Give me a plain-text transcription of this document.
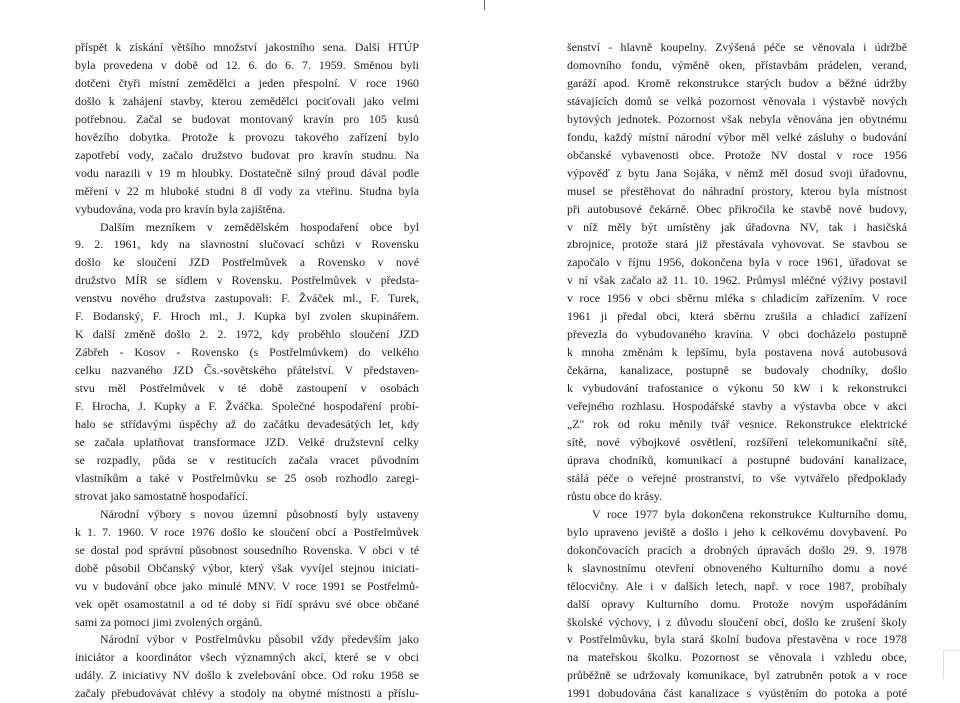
příspět k získání většího množství jakostního sena. Další HTÚP
byla provedena v době od 12. 6. do 6. 7. 1959. Směnou byli
dotčeni čtyři místní zemědělci a jeden přespolní. V roce 1960
došlo k zahájení stavby, kterou zemědělci pociťovali jako velmi
potřebnou. Začal se budovat montovaný kravín pro 105 kusů
hovězího dobytka. Protože k provozu takového zařízení bylo
zapotřebí vody, začalo družstvo budovat pro kravín studnu. Na
vodu narazili v 19 m hloubky. Dostatečně silný proud dával podle
měření v 22 m hluboké studni 8 dl vody za vteřinu. Studna byla
vybudována, voda pro kravín byla zajištěna.
Dalším mezníkem v zemědělském hospodaření obce byl
9. 2. 1961, kdy na slavnostní slučovací schůzi v Rovensku
došlo ke sloučení JZD Postřelmůvek a Rovensko v nové
družstvo MÍR se sídlem v Rovensku. Postřelmůvek v předsta-
venstvu nového družstva zastupovali: F. Žváček ml., F. Turek,
F. Bodanský, F. Hroch ml., J. Kupka byl zvolen skupinářem.
K další změně došlo 2. 2. 1972, kdy proběhlo sloučení JZD
Zábřeh - Kosov - Rovensko (s Postřelmůvkem) do velkého
celku nazvaného JZD Čs.-sovětského přátelství. V představen-
stvu měl Postřelmůvek v té době zastoupení v osobách
F. Hrocha, J. Kupky a F. Žváčka. Společné hospodaření probí-
halo se střídavými úspěchy až do začátku devadesátých let, kdy
se začala uplatňovat transformace JZD. Velké družstevní celky
se rozpadly, půda se v restitucích začala vracet původním
vlastníkům a také v Postřelmůvku se 25 osob rozhodlo zaregi-
strovat jako samostatně hospodařící.
Národní výbory s novou územní působností byly ustaveny
k 1. 7. 1960. V roce 1976 došlo ke sloučení obcí a Postřelmůvek
se dostal pod správní působnost sousedního Rovenska. V obci v té
době působil Občanský výbor, který však vyvíjel stejnou iniciati-
vu v budování obce jako minulé MNV. V roce 1991 se Postřelmů-
vek opět osamostatnil a od té doby si řídí správu své obce občané
sami za pomoci jimi zvolených orgánů.
Národní výbor v Postřelmůvku působil vždy především jako
iniciátor a koordinátor všech významných akcí, které se v obci
udály. Z iniciativy NV došlo k zvelebování obce. Od roku 1958 se
začaly přebudovávat chlévy a stodoly na obytné místnosti a příslu-
šenství - hlavně koupelny. Zvýšená péče se věnovala i údržbě
domovního fondu, výměně oken, přístavbám prádelen, verand,
garáží apod. Kromě rekonstrukce starých budov a běžné údržby
stávajících domů se velká pozornost věnovala i výstavbě nových
bytových jednotek. Pozornost však nebyla věnována jen obytnému
fondu, každý místní národní výbor měl velké zásluhy o budování
občanské vybavenosti obce. Protože NV dostal v roce 1956
výpověď z bytu Jana Sojáka, v němž měl dosud svoji úřadovnu,
musel se přestěhovat do náhradní prostory, kterou byla místnost
při autobusové čekárně. Obec přikročila ke stavbě nové budovy,
v níž měly být umístěny jak úřadovna NV, tak i hasičská
zbrojnice, protože stará již přestávala vyhovovat. Se stavbou se
započalo v říjnu 1956, dokončena byla v roce 1961, úřadovat se
v ní však začalo až 11. 10. 1962. Průmysl mléčné výživy postavil
v roce 1956 v obci sběrnu mléka s chladicím zařízením. V roce
1961 ji předal obci, která sběrnu zrušila a chladicí zařízení
převezla do vybudovaného kravína. V obci docházelo postupně
k mnoha změnám k lepšímu, byla postavena nová autobusová
čekárna, kanalizace, postupně se budovaly chodníky, došlo
k vybudování trafostanice o výkonu 50 kW i k rekonstrukci
veřejného rozhlasu. Hospodářské stavby a výstavba obce v akci
„Z" rok od roku měnily tvář vesnice. Rekonstrukce elektrické
sítě, nové výbojkové osvětlení, rozšíření telekomunikační sítě,
úprava chodníků, komunikací a postupné budování kanalizace,
stálá péče o veřejné prostranství, to vše vytvářelo předpoklady
růstu obce do krásy.
V roce 1977 byla dokončena rekonstrukce Kulturního domu,
bylo upraveno jeviště a došlo i jeho k celkovému dovybavení. Po
dokončovacích pracích a drobných úpravách došlo 29. 9. 1978
k slavnostnímu otevření obnoveného Kulturního domu a nové
tělocvičny. Ale i v dalších letech, např. v roce 1987, probíhaly
další opravy Kulturního domu. Protože novým uspořádáním
školské výchovy, i z důvodu sloučení obcí, došlo ke zrušení školy
v Postřelmůvku, byla stará školní budova přestavěna v roce 1978
na mateřskou školku. Pozornost se věnovala i vzhledu obce,
průběžně se udržovaly komunikace, byl zatrubněn potok a v roce
1991 dobudována část kanalizace s vyústěním do potoka a poté
